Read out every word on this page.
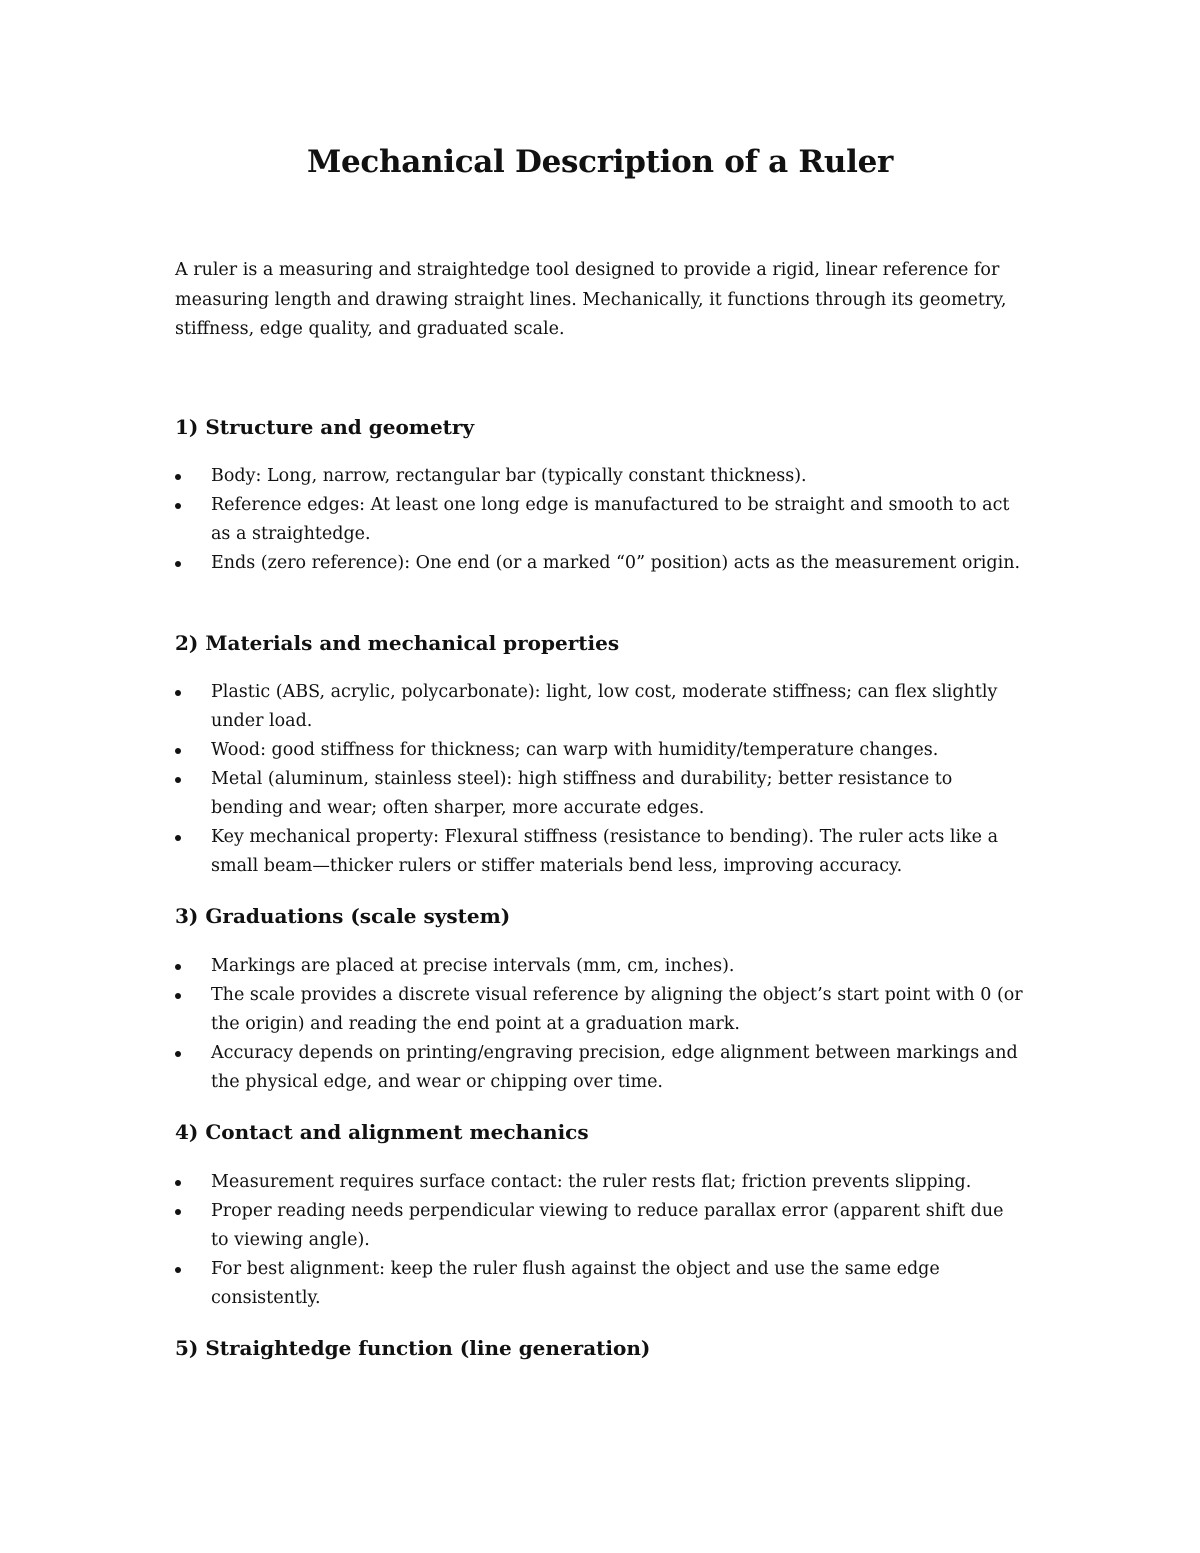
Mechanical Description of a Ruler

A ruler is a measuring and straightedge tool designed to provide a rigid, linear reference for measuring length and drawing straight lines. Mechanically, it functions through its geometry, stiffness, edge quality, and graduated scale.

1) Structure and geometry
Body: Long, narrow, rectangular bar (typically constant thickness).
Reference edges: At least one long edge is manufactured to be straight and smooth to act as a straightedge.
Ends (zero reference): One end (or a marked “0” position) acts as the measurement origin.
2) Materials and mechanical properties
Plastic (ABS, acrylic, polycarbonate): light, low cost, moderate stiffness; can flex slightly under load.
Wood: good stiffness for thickness; can warp with humidity/temperature changes.
Metal (aluminum, stainless steel): high stiffness and durability; better resistance to bending and wear; often sharper, more accurate edges.
Key mechanical property: Flexural stiffness (resistance to bending). The ruler acts like a small beam—thicker rulers or stiffer materials bend less, improving accuracy.
3) Graduations (scale system)
Markings are placed at precise intervals (mm, cm, inches).
The scale provides a discrete visual reference by aligning the object’s start point with 0 (or the origin) and reading the end point at a graduation mark.
Accuracy depends on printing/engraving precision, edge alignment between markings and the physical edge, and wear or chipping over time.
4) Contact and alignment mechanics
Measurement requires surface contact: the ruler rests flat; friction prevents slipping.
Proper reading needs perpendicular viewing to reduce parallax error (apparent shift due to viewing angle).
For best alignment: keep the ruler flush against the object and use the same edge consistently.
5) Straightedge function (line generation)
